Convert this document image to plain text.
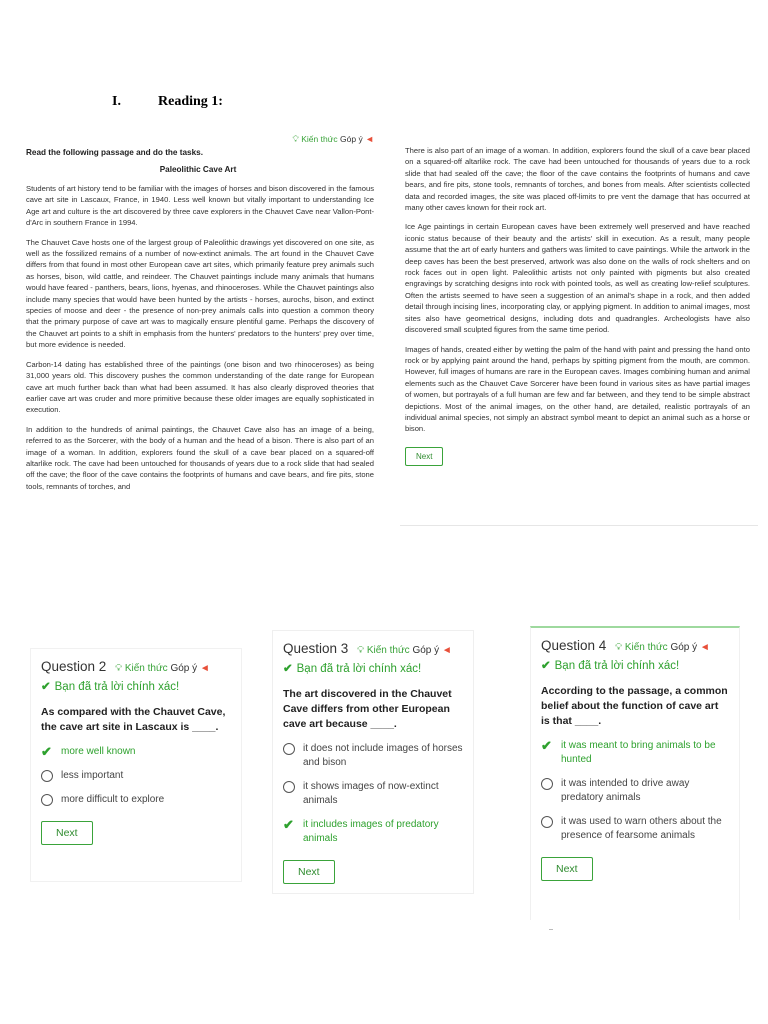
I.	Reading 1:
💡︎ Kiến thức Góp ý ◄
Read the following passage and do the tasks.
Paleolithic Cave Art
Students of art history tend to be familiar with the images of horses and bison discovered in the famous cave art site in Lascaux, France, in 1940. Less well known but vitally important to understanding Ice Age art and culture is the art discovered by three cave explorers in the Chauvet Cave near Vallon-Pont-d'Arc in southern France in 1994.
The Chauvet Cave hosts one of the largest group of Paleolithic drawings yet discovered on one site, as well as the fossilized remains of a number of now-extinct animals. The art found in the Chauvet Cave differs from that found in most other European cave art sites, which primarily feature prey animals such as horses, bison, wild cattle, and reindeer. The Chauvet paintings include many animals that humans would have feared - panthers, bears, lions, hyenas, and rhinoceroses. While the Chauvet paintings also include many species that would have been hunted by the artists - horses, aurochs, bison, and extinct species of moose and deer - the presence of non-prey animals calls into question a common theory that the primary purpose of cave art was to magically ensure plentiful game. Perhaps the discovery of the Chauvet art points to a shift in emphasis from the hunters' predators to the hunters' prey over time, but more evidence is needed.
Carbon-14 dating has established three of the paintings (one bison and two rhinoceroses) as being 31,000 years old. This discovery pushes the common understanding of the date range for European cave art much further back than what had been assumed. It has also clearly disproved theories that earlier cave art was cruder and more primitive because these older images are equally sophisticated in execution.
In addition to the hundreds of animal paintings, the Chauvet Cave also has an image of a being, referred to as the Sorcerer, with the body of a human and the head of a bison. There is also part of an image of a woman. In addition, explorers found the skull of a cave bear placed on a squared-off altarlike rock. The cave had been untouched for thousands of years due to a rock slide that had sealed off the cave; the floor of the cave contains the footprints of humans and cave bears, and fire pits, stone tools, remnants of torches, and
There is also part of an image of a woman. In addition, explorers found the skull of a cave bear placed on a squared-off altarlike rock. The cave had been untouched for thousands of years due to a rock slide that had sealed off the cave; the floor of the cave contains the footprints of humans and cave bears, and fire pits, stone tools, remnants of torches, and bones from meals. After scientists collected data and recorded images, the site was placed off-limits to pre vent the damage that has occurred at many other caves known for their rock art.
Ice Age paintings in certain European caves have been extremely well preserved and have reached iconic status because of their beauty and the artists' skill in execution. As a result, many people assume that the art of early hunters and gathers was limited to cave paintings. While the artwork in the deep caves has been the best preserved, artwork was also done on the walls of rock shelters and on rock faces out in open light. Paleolithic artists not only painted with pigments but also created engravings by scratching designs into rock with pointed tools, as well as creating low-relief sculptures. Often the artists seemed to have seen a suggestion of an animal's shape in a rock, and then added detail through incising lines, incorporating clay, or applying pigment. In addition to animal images, most sites also have geometrical designs, including dots and quadrangles. Archeologists have also discovered small sculpted figures from the same time period.
Images of hands, created either by wetting the palm of the hand with paint and pressing the hand onto rock or by applying paint around the hand, perhaps by spitting pigment from the mouth, are common. However, full images of humans are rare in the European caves. Images combining human and animal elements such as the Chauvet Cave Sorcerer have been found in various sites as have partial images of women, but portrayals of a full human are few and far between, and they tend to be simple abstract depictions. Most of the animal images, on the other hand, are detailed, realistic portrayals of an individual animal species, not simply an abstract symbol meant to depict an animal such as a horse or bison.
Next
Question 2 💡︎ Kiến thức Góp ý ◄
✔ Bạn đã trả lời chính xác!
As compared with the Chauvet Cave, the cave art site in Lascaux is ____.
✔ more well known
less important
more difficult to explore
Next
Question 3 💡︎ Kiến thức Góp ý ◄
✔ Bạn đã trả lời chính xác!
The art discovered in the Chauvet Cave differs from other European cave art because ____.
it does not include images of horses and bison
it shows images of now-extinct animals
✔ it includes images of predatory animals
Next
Question 4 💡︎ Kiến thức Góp ý ◄
✔ Bạn đã trả lời chính xác!
According to the passage, a common belief about the function of cave art is that ____.
✔ it was meant to bring animals to be hunted
it was intended to drive away predatory animals
it was used to warn others about the presence of fearsome animals
Next
